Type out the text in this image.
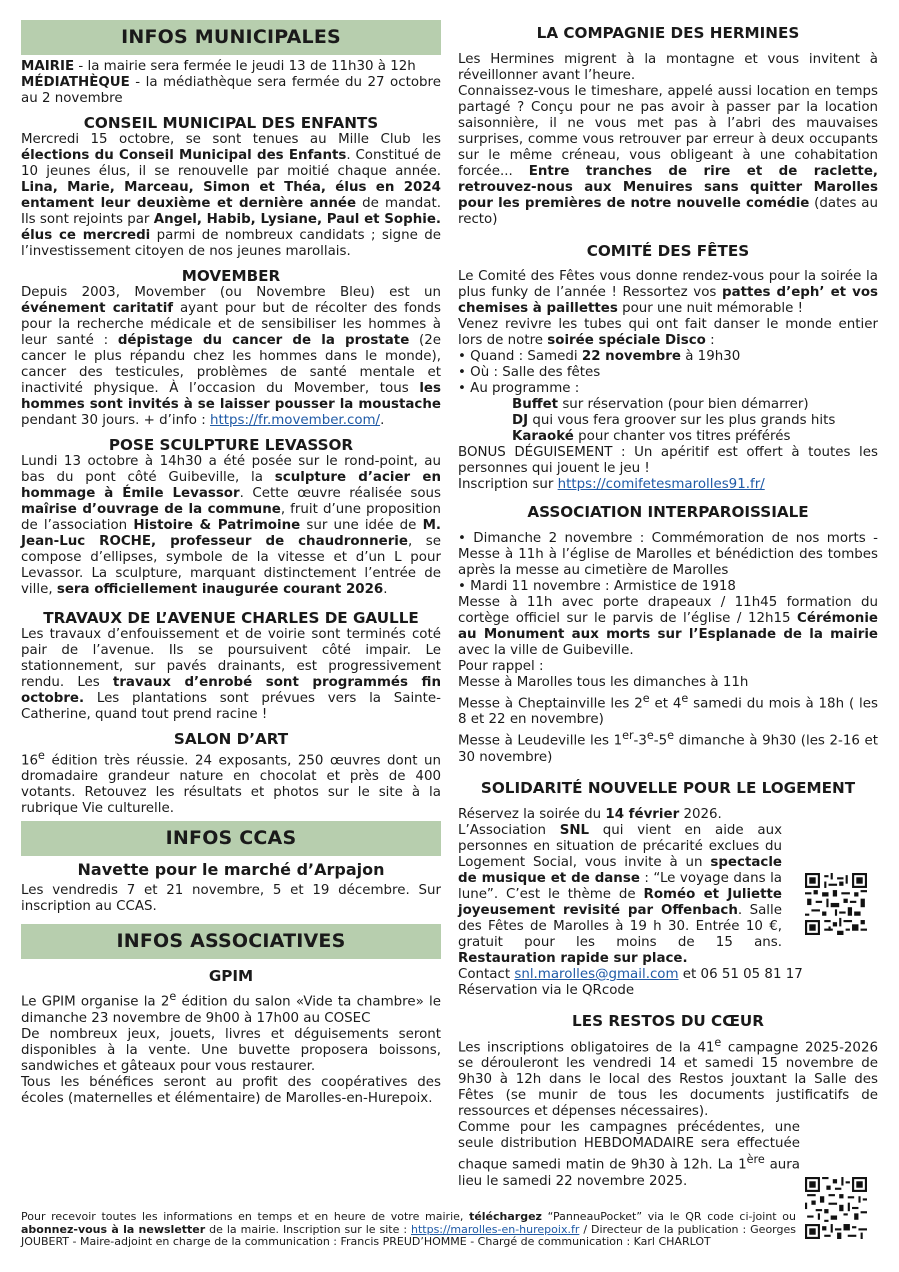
INFOS MUNICIPALES

MAIRIE - la mairie sera fermée le jeudi 13 de 11h30 à 12h
MÉDIATHÈQUE - la médiathèque sera fermée du 27 octobre au 2 novembre

CONSEIL MUNICIPAL DES ENFANTS

Mercredi 15 octobre, se sont tenues au Mille Club les élections du Conseil Municipal des Enfants. Constitué de 10 jeunes élus, il se renouvelle par moitié chaque année. Lina, Marie, Marceau, Simon et Théa, élus en 2024 entament leur deuxième et dernière année de mandat. Ils sont rejoints par Angel, Habib, Lysiane, Paul et Sophie. élus ce mercredi parmi de nombreux candidats ; signe de l’investissement citoyen de nos jeunes marollais.

MOVEMBER

Depuis 2003, Movember (ou Novembre Bleu) est un événement caritatif ayant pour but de récolter des fonds pour la recherche médicale et de sensibiliser les hommes à leur santé : dépistage du cancer de la prostate (2e cancer le plus répandu chez les hommes dans le monde), cancer des testicules, problèmes de santé mentale et inactivité physique. À l’occasion du Movember, tous les hommes sont invités à se laisser pousser la moustache pendant 30 jours. + d’info : https://fr.movember.com/.

POSE SCULPTURE LEVASSOR

Lundi 13 octobre à 14h30 a été posée sur le rond-point, au bas du pont côté Guibeville, la sculpture d’acier en hommage à Émile Levassor. Cette œuvre réalisée sous maîrise d’ouvrage de la commune, fruit d’une proposition de l’association Histoire & Patrimoine sur une idée de M. Jean-Luc ROCHE, professeur de chaudronnerie, se compose d’ellipses, symbole de la vitesse et d’un L pour Levassor. La sculpture, marquant distinctement l’entrée de ville, sera officiellement inaugurée courant 2026.

TRAVAUX DE L’AVENUE CHARLES DE GAULLE

Les travaux d’enfouissement et de voirie sont terminés coté pair de l’avenue. Ils se poursuivent côté impair. Le stationnement, sur pavés drainants, est progressivement rendu. Les travaux d’enrobé sont programmés fin octobre. Les plantations sont prévues vers la Sainte-Catherine, quand tout prend racine !

SALON D’ART

16e édition très réussie. 24 exposants, 250 œuvres dont un dromadaire grandeur nature en chocolat et près de 400 votants. Retouvez les résultats et photos sur le site à la rubrique Vie culturelle.

INFOS CCAS
Navette pour le marché d’Arpajon

Les vendredis 7 et 21 novembre, 5 et 19 décembre. Sur inscription au CCAS.

INFOS ASSOCIATIVES
GPIM

Le GPIM organise la 2e édition du salon «Vide ta chambre» le dimanche 23 novembre de 9h00 à 17h00 au COSEC

De nombreux jeux, jouets, livres et déguisements seront disponibles à la vente. Une buvette proposera boissons, sandwiches et gâteaux pour vous restaurer.

Tous les bénéfices seront au profit des coopératives des écoles (maternelles et élémentaire) de Marolles-en-Hurepoix.

LA COMPAGNIE DES HERMINES

Les Hermines migrent à la montagne et vous invitent à réveillonner avant l’heure.

Connaissez-vous le timeshare, appelé aussi location en temps partagé ? Conçu pour ne pas avoir à passer par la location saisonnière, il ne vous met pas à l’abri des mauvaises surprises, comme vous retrouver par erreur à deux occupants sur le même créneau, vous obligeant à une cohabitation forcée... Entre tranches de rire et de raclette, retrouvez-nous aux Menuires sans quitter Marolles pour les premières de notre nouvelle comédie (dates au recto)

COMITÉ DES FÊTES

Le Comité des Fêtes vous donne rendez-vous pour la soirée la plus funky de l’année ! Ressortez vos pattes d’eph’ et vos chemises à paillettes pour une nuit mémorable !

Venez revivre les tubes qui ont fait danser le monde entier lors de notre soirée spéciale Disco :

• Quand : Samedi 22 novembre à 19h30

• Où : Salle des fêtes

• Au programme :

Buffet sur réservation (pour bien démarrer)

DJ qui vous fera groover sur les plus grands hits

Karaoké pour chanter vos titres préférés

BONUS DÉGUISEMENT : Un apéritif est offert à toutes les personnes qui jouent le jeu !

Inscription sur https://comifetesmarolles91.fr/

ASSOCIATION INTERPAROISSIALE

• Dimanche 2 novembre : Commémoration de nos morts - Messe à 11h à l’église de Marolles et bénédiction des tombes après la messe au cimetière de Marolles

• Mardi 11 novembre : Armistice de 1918

Messe à 11h avec porte drapeaux / 11h45 formation du cortège officiel sur le parvis de l’église / 12h15 Cérémonie au Monument aux morts sur l’Esplanade de la mairie avec la ville de Guibeville.

Pour rappel :

Messe à Marolles tous les dimanches à 11h

Messe à Cheptainville les 2e et 4e samedi du mois à 18h ( les 8 et 22 en novembre)

Messe à Leudeville les 1er-3e-5e dimanche à 9h30 (les 2-16 et 30 novembre)

SOLIDARITÉ NOUVELLE POUR LE LOGEMENT

Réservez la soirée du 14 février 2026.

L’Association SNL qui vient en aide aux personnes en situation de précarité exclues du Logement Social, vous invite à un spectacle de musique et de danse : “Le voyage dans la lune”. C’est le thème de Roméo et Juliette joyeusement revisité par Offenbach. Salle des Fêtes de Marolles à 19 h 30. Entrée 10 €, gratuit pour les moins de 15 ans. Restauration rapide sur place.

Contact snl.marolles@gmail.com et 06 51 05 81 17

Réservation via le QRcode

LES RESTOS DU CŒUR

Les inscriptions obligatoires de la 41e campagne 2025-2026 se dérouleront les vendredi 14 et samedi 15 novembre de 9h30 à 12h dans le local des Restos jouxtant la Salle des Fêtes (se munir de tous les documents justificatifs de ressources et dépenses nécessaires).

Comme pour les campagnes précédentes, une seule distribution HEBDOMADAIRE sera effectuée chaque samedi matin de 9h30 à 12h. La 1ère aura lieu le samedi 22 novembre 2025.

Pour recevoir toutes les informations en temps et en heure de votre mairie, téléchargez “PanneauPocket” via le QR code ci-joint ou abonnez-vous à la newsletter de la mairie. Inscription sur le site : https://marolles-en-hurepoix.fr / Directeur de la publication : Georges JOUBERT - Maire-adjoint en charge de la communication : Francis PREUD’HOMME - Chargé de communication : Karl CHARLOT
